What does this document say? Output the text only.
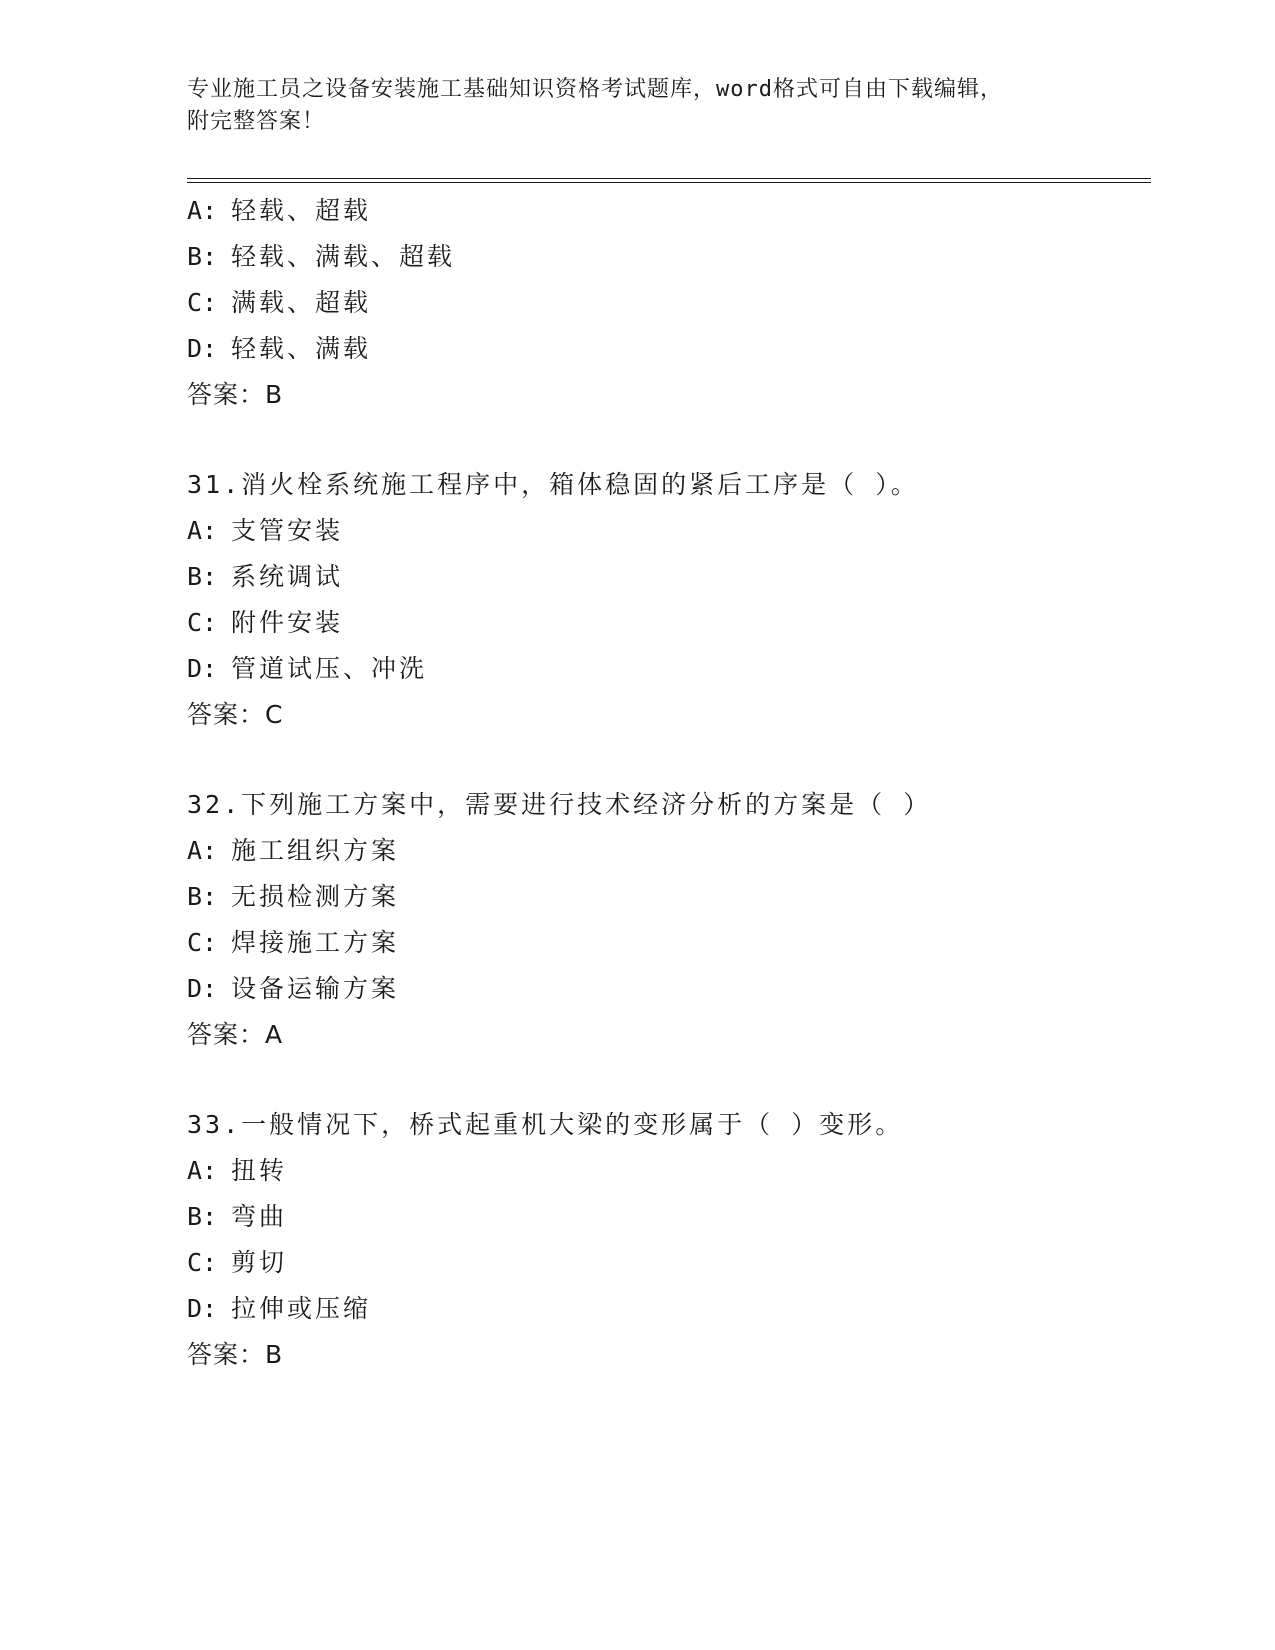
专业施工员之设备安装施工基础知识资格考试题库，word格式可自由下载编辑，
附完整答案！
A: 轻载、超载
B: 轻载、满载、超载
C: 满载、超载
D: 轻载、满载
答案：B
31.消火栓系统施工程序中，箱体稳固的紧后工序是（ ）。
A: 支管安装
B: 系统调试
C: 附件安装
D: 管道试压、冲洗
答案：C
32.下列施工方案中，需要进行技术经济分析的方案是（ ）
A: 施工组织方案
B: 无损检测方案
C: 焊接施工方案
D: 设备运输方案
答案：A
33.一般情况下，桥式起重机大梁的变形属于（ ）变形。
A: 扭转
B: 弯曲
C: 剪切
D: 拉伸或压缩
答案：B
